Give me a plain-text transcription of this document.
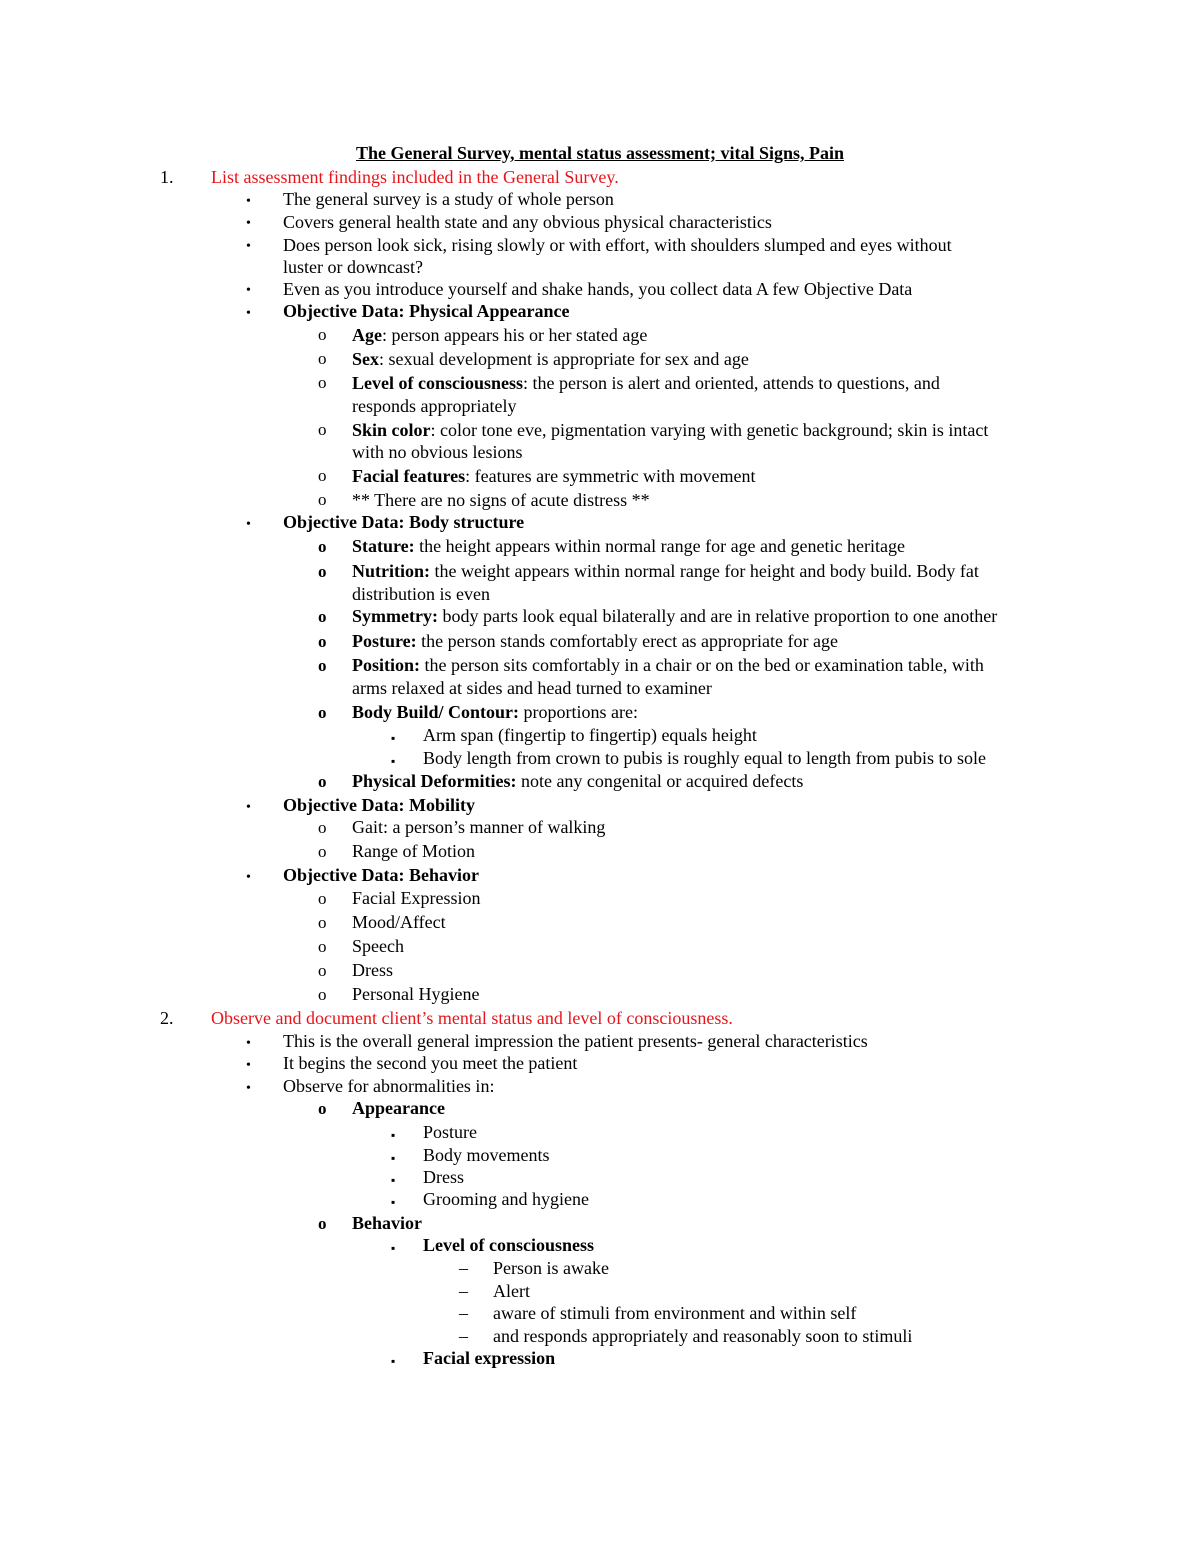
The General Survey, mental status assessment; vital Signs, Pain
1. List assessment findings included in the General Survey.
• The general survey is a study of whole person
• Covers general health state and any obvious physical characteristics
• Does person look sick, rising slowly or with effort, with shoulders slumped and eyes without
luster or downcast?
• Even as you introduce yourself and shake hands, you collect data A few Objective Data
• Objective Data: Physical Appearance
o Age: person appears his or her stated age
o Sex: sexual development is appropriate for sex and age
o Level of consciousness: the person is alert and oriented, attends to questions, and
responds appropriately
o Skin color: color tone eve, pigmentation varying with genetic background; skin is intact
with no obvious lesions
o Facial features: features are symmetric with movement
o ** There are no signs of acute distress **
• Objective Data: Body structure
o Stature: the height appears within normal range for age and genetic heritage
o Nutrition: the weight appears within normal range for height and body build. Body fat
distribution is even
o Symmetry: body parts look equal bilaterally and are in relative proportion to one another
o Posture: the person stands comfortably erect as appropriate for age
o Position: the person sits comfortably in a chair or on the bed or examination table, with
arms relaxed at sides and head turned to examiner
o Body Build/ Contour: proportions are:
▪ Arm span (fingertip to fingertip) equals height
▪ Body length from crown to pubis is roughly equal to length from pubis to sole
o Physical Deformities: note any congenital or acquired defects
• Objective Data: Mobility
o Gait: a person’s manner of walking
o Range of Motion
• Objective Data: Behavior
o Facial Expression
o Mood/Affect
o Speech
o Dress
o Personal Hygiene
2. Observe and document client’s mental status and level of consciousness.
• This is the overall general impression the patient presents- general characteristics
• It begins the second you meet the patient
• Observe for abnormalities in:
o Appearance
▪ Posture
▪ Body movements
▪ Dress
▪ Grooming and hygiene
o Behavior
▪ Level of consciousness
– Person is awake
– Alert
– aware of stimuli from environment and within self
– and responds appropriately and reasonably soon to stimuli
▪ Facial expression
